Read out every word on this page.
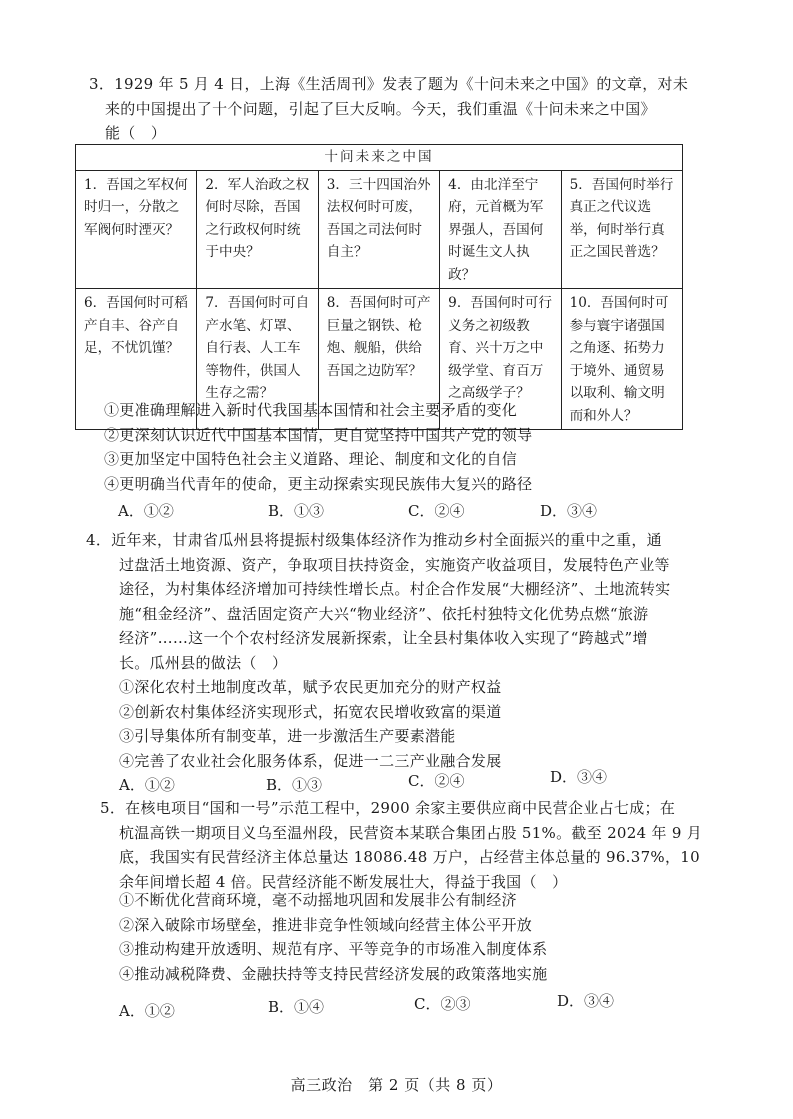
3．1929 年 5 月 4 日，上海《生活周刊》发表了题为《十问未来之中国》的文章，对未

来的中国提出了十个问题，引起了巨大反响。今天，我们重温《十问未来之中国》

能（　）

十问未来之中国				
1．吾国之军权何时归一，分散之军阀何时湮灭？	2．军人治政之权何时尽除，吾国之行政权何时统于中央？	3．三十四国治外法权何时可废，吾国之司法何时自主？	4．由北洋至宁府，元首概为军界强人，吾国何时诞生文人执政？	5．吾国何时举行真正之代议选举，何时举行真正之国民普选？
6．吾国何时可稻产自丰、谷产自足，不忧饥馑？	7．吾国何时可自产水笔、灯罩、自行表、人工车等物件，供国人生存之需？	8．吾国何时可产巨量之钢铁、枪炮、舰船，供给吾国之边防军？	9．吾国何时可行义务之初级教育、兴十万之中级学堂、育百万之高级学子？	10．吾国何时可参与寰宇诸强国之角逐、拓势力于境外、通贸易以取利、输文明而和外人？

①更准确理解进入新时代我国基本国情和社会主要矛盾的变化

②更深刻认识近代中国基本国情，更自觉坚持中国共产党的领导

③更加坚定中国特色社会主义道路、理论、制度和文化的自信

④更明确当代青年的使命，更主动探索实现民族伟大复兴的路径

A．①②	B．①③	C．②④	D．③④

4．近年来，甘肃省瓜州县将提振村级集体经济作为推动乡村全面振兴的重中之重，通

过盘活土地资源、资产，争取项目扶持资金，实施资产收益项目，发展特色产业等

途径，为村集体经济增加可持续性增长点。村企合作发展“大棚经济”、土地流转实

施“租金经济”、盘活固定资产大兴“物业经济”、依托村独特文化优势点燃“旅游

经济”……这一个个农村经济发展新探索，让全县村集体收入实现了“跨越式”增

长。瓜州县的做法（　）

①深化农村土地制度改革，赋予农民更加充分的财产权益

②创新农村集体经济实现形式，拓宽农民增收致富的渠道

③引导集体所有制变革，进一步激活生产要素潜能

④完善了农业社会化服务体系，促进一二三产业融合发展

A．①②	B．①③	C．②④	D．③④

5．在核电项目“国和一号”示范工程中，2900 余家主要供应商中民营企业占七成；在

杭温高铁一期项目义乌至温州段，民营资本某联合集团占股 51%。截至 2024 年 9 月

底，我国实有民营经济主体总量达 18086.48 万户，占经营主体总量的 96.37%，10

余年间增长超 4 倍。民营经济能不断发展壮大，得益于我国（　）

①不断优化营商环境，毫不动摇地巩固和发展非公有制经济

②深入破除市场壁垒，推进非竞争性领域向经营主体公平开放

③推动构建开放透明、规范有序、平等竞争的市场准入制度体系

④推动减税降费、金融扶持等支持民营经济发展的政策落地实施

A．①②	B．①④	C．②③	D．③④
高三政治　第 2 页（共 8 页）
